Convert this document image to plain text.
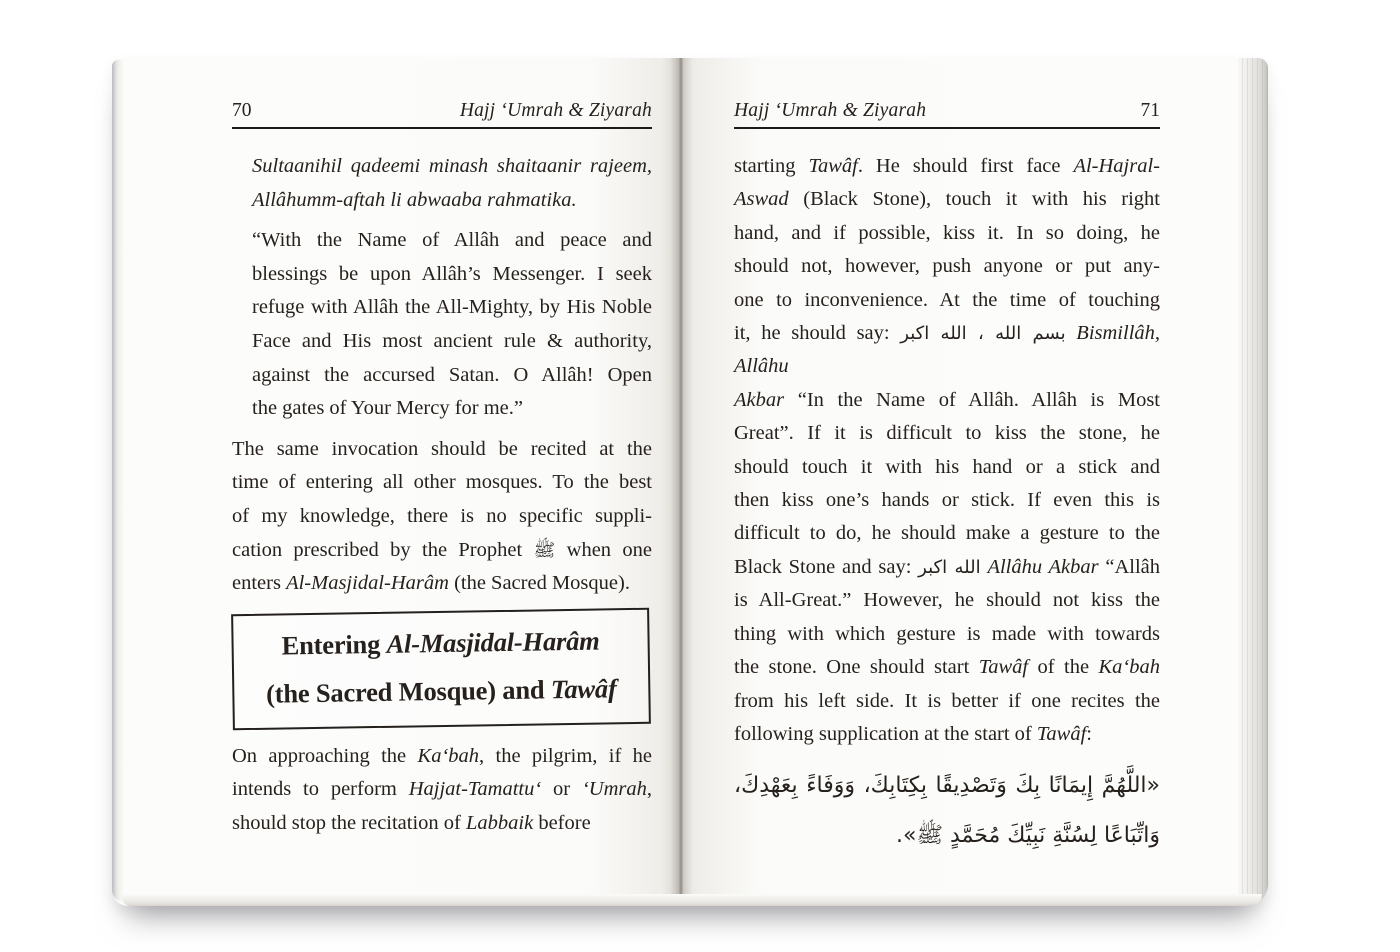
70	Hajj ‘Umrah & Ziyarah
Sultaanihil qadeemi minash shaitaanir rajeem,
Allâhumm-aftah li abwaaba rahmatika.
“With the Name of Allâh and peace and
blessings be upon Allâh’s Messenger. I seek
refuge with Allâh the All-Mighty, by His Noble
Face and His most ancient rule & authority,
against the accursed Satan. O Allâh! Open
the gates of Your Mercy for me.”
The same invocation should be recited at the
time of entering all other mosques. To the best
of my knowledge, there is no specific suppli-
cation prescribed by the Prophet ﷺ when one
enters Al-Masjidal-Harâm (the Sacred Mosque).
Entering Al-Masjidal-Harâm
(the Sacred Mosque) and Tawâf
On approaching the Ka‘bah, the pilgrim, if he
intends to perform Hajjat-Tamattu‘ or ‘Umrah,
should stop the recitation of Labbaik before
Hajj ‘Umrah & Ziyarah	71
starting Tawâf. He should first face Al-Hajral-
Aswad (Black Stone), touch it with his right
hand, and if possible, kiss it. In so doing, he
should not, however, push anyone or put any-
one to inconvenience. At the time of touching
it, he should say: بسم الله ، الله اكبر Bismillâh, Allâhu
Akbar “In the Name of Allâh. Allâh is Most
Great”. If it is difficult to kiss the stone, he
should touch it with his hand or a stick and
then kiss one’s hands or stick. If even this is
difficult to do, he should make a gesture to the
Black Stone and say: الله اكبر Allâhu Akbar “Allâh
is All-Great.” However, he should not kiss the
thing with which gesture is made with towards
the stone. One should start Tawâf of the Ka‘bah
from his left side. It is better if one recites the
following supplication at the start of Tawâf:
«اللَّهُمَّ إِيمَانًا بِكَ وَتَصْدِيقًا بِكِتَابِكَ، وَوَفَاءً بِعَهْدِكَ،
وَاتِّبَاعًا لِسُنَّةِ نَبِيِّكَ مُحَمَّدٍ ﷺ».
